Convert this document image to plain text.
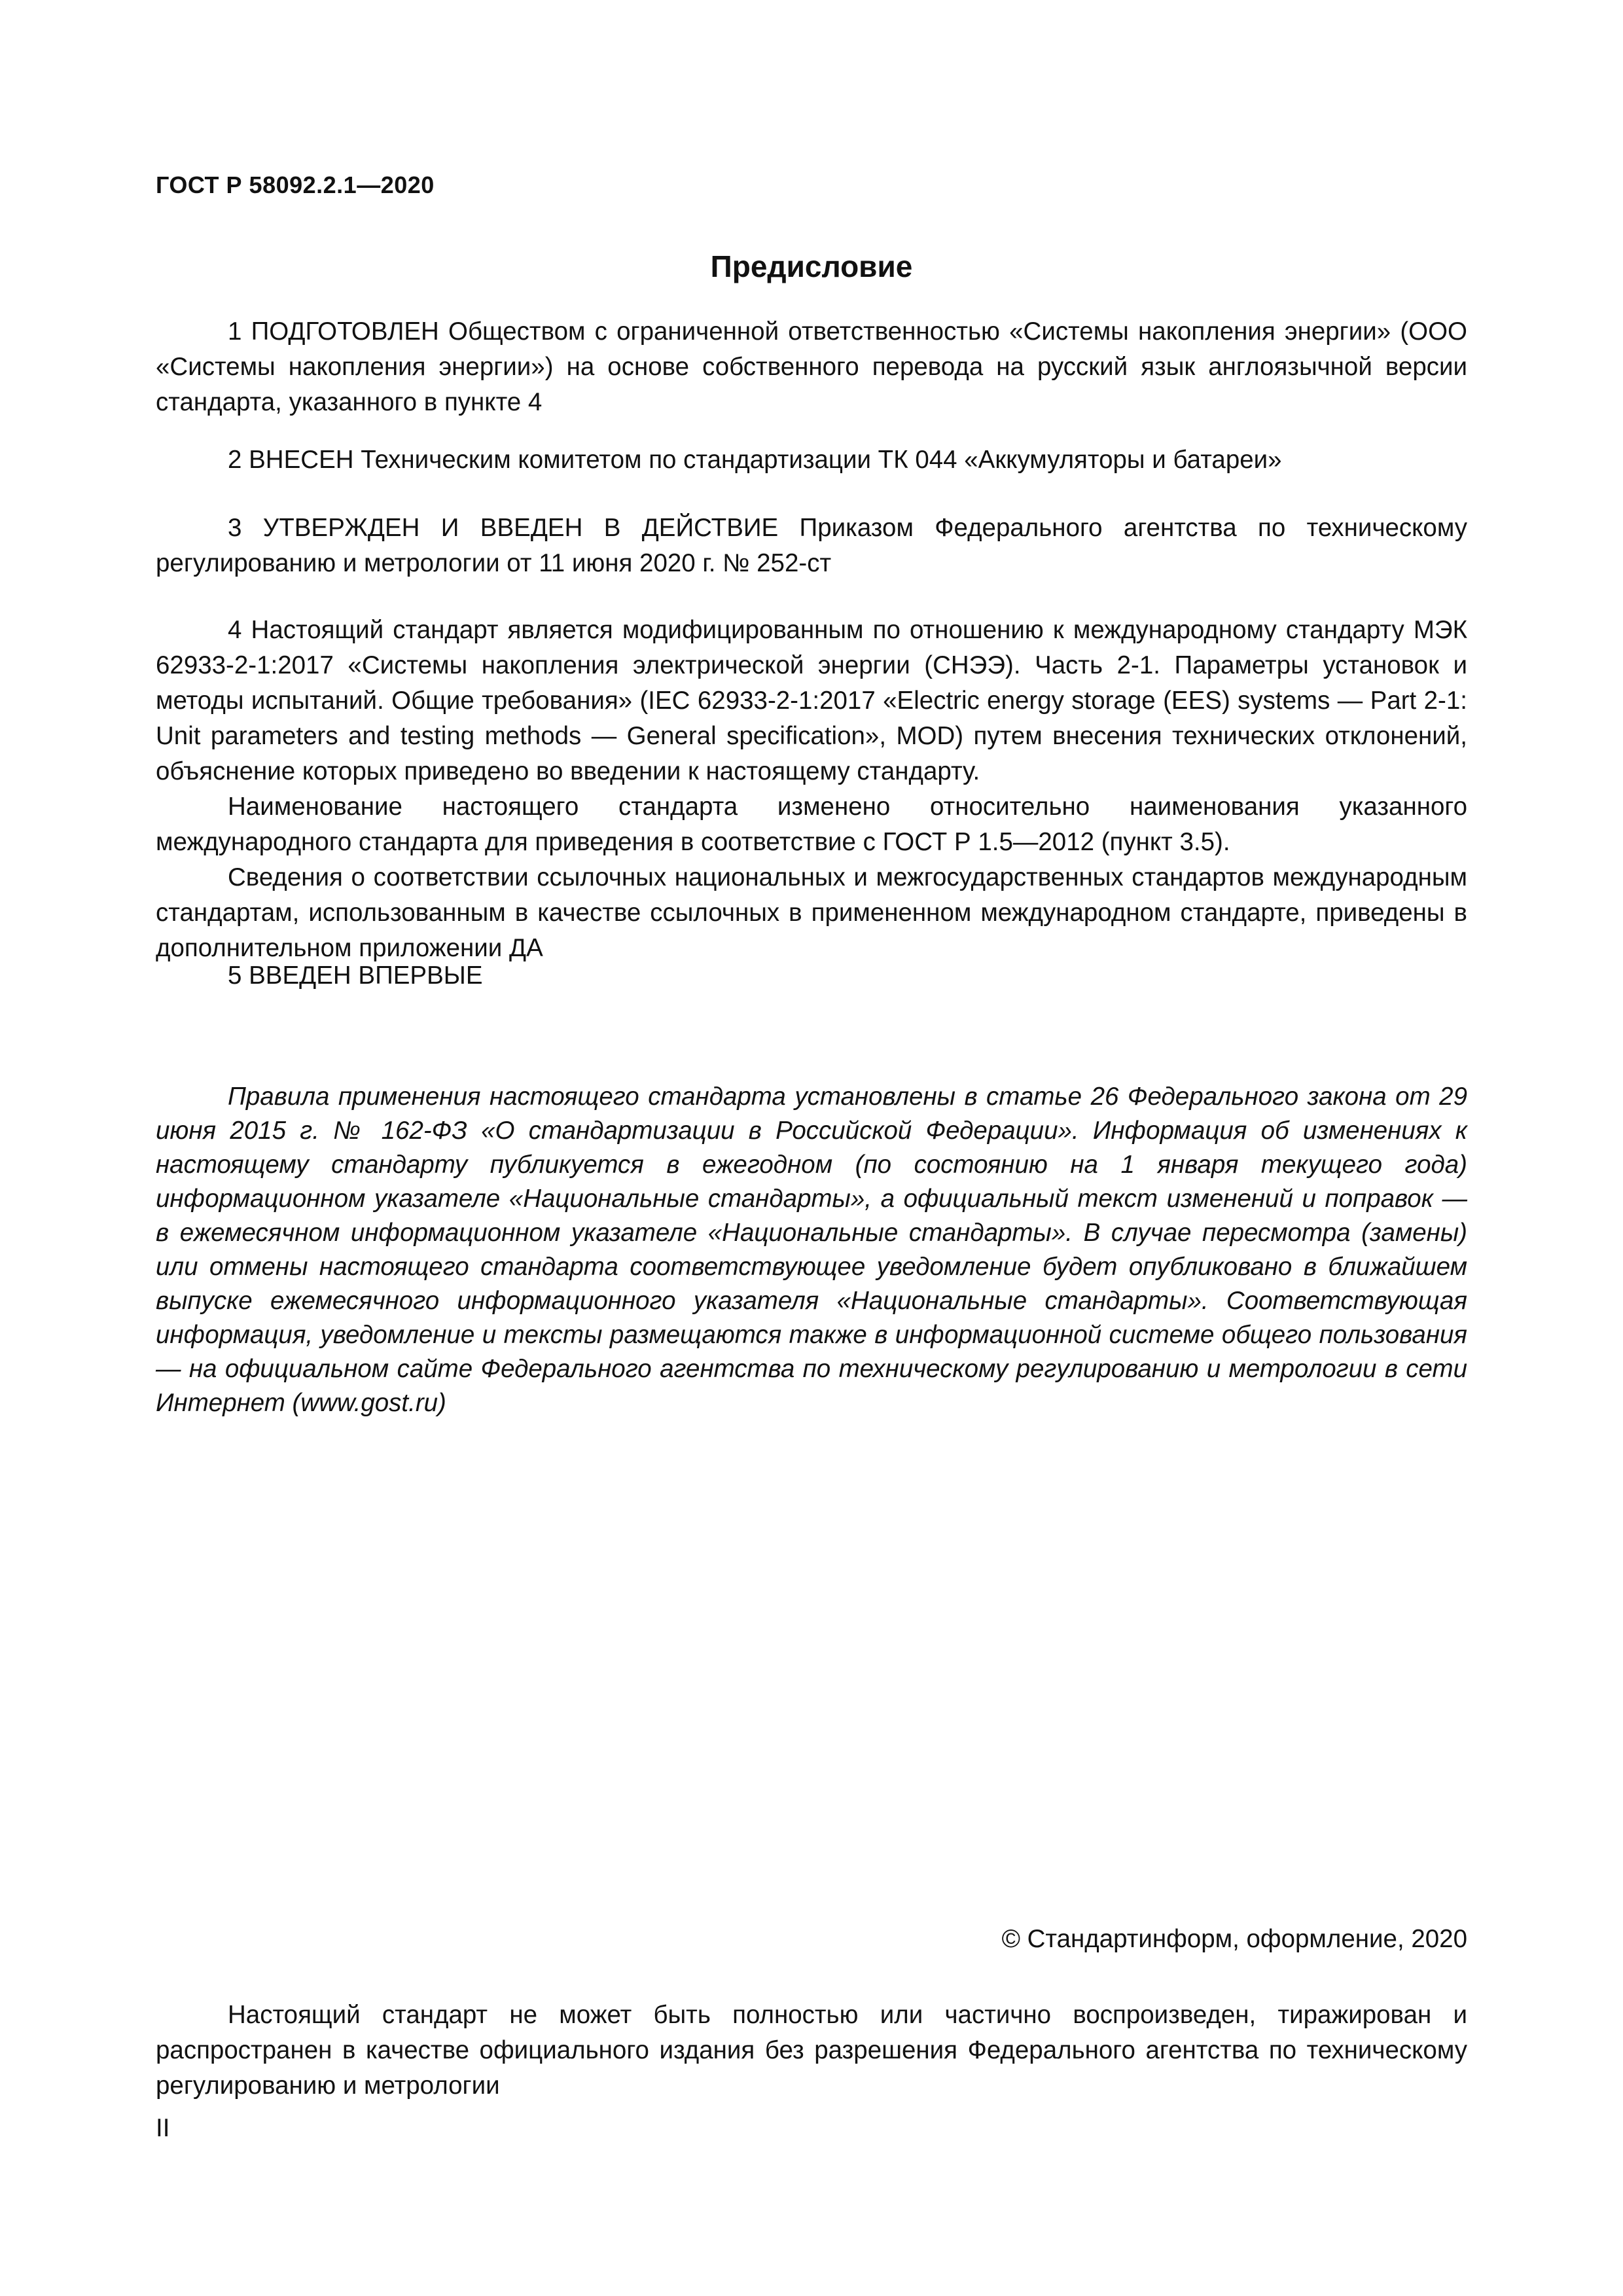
ГОСТ Р 58092.2.1—2020
Предисловие

1 ПОДГОТОВЛЕН Обществом с ограниченной ответственностью «Системы накопления энергии» (ООО «Системы накопления энергии») на основе собственного перевода на русский язык англоязычной версии стандарта, указанного в пункте 4

2 ВНЕСЕН Техническим комитетом по стандартизации ТК 044 «Аккумуляторы и батареи»

3 УТВЕРЖДЕН И ВВЕДЕН В ДЕЙСТВИЕ Приказом Федерального агентства по техническому регулированию и метрологии от 11 июня 2020 г. № 252-ст

4 Настоящий стандарт является модифицированным по отношению к международному стандарту МЭК 62933-2-1:2017 «Системы накопления электрической энергии (СНЭЭ). Часть 2-1. Параметры установок и методы испытаний. Общие требования» (IEC 62933-2-1:2017 «Electric energy storage (EES) systems — Part 2-1: Unit parameters and testing methods — General specification», MOD) путем внесения технических отклонений, объяснение которых приведено во введении к настоящему стандарту.

Наименование настоящего стандарта изменено относительно наименования указанного международного стандарта для приведения в соответствие с ГОСТ Р 1.5—2012 (пункт 3.5).

Сведения о соответствии ссылочных национальных и межгосударственных стандартов международным стандартам, использованным в качестве ссылочных в примененном международном стандарте, приведены в дополнительном приложении ДА

5 ВВЕДЕН ВПЕРВЫЕ

Правила применения настоящего стандарта установлены в статье 26 Федерального закона от 29 июня 2015 г. № 162-ФЗ «О стандартизации в Российской Федерации». Информация об изменениях к настоящему стандарту публикуется в ежегодном (по состоянию на 1 января текущего года) информационном указателе «Национальные стандарты», а официальный текст изменений и поправок — в ежемесячном информационном указателе «Национальные стандарты». В случае пересмотра (замены) или отмены настоящего стандарта соответствующее уведомление будет опубликовано в ближайшем выпуске ежемесячного информационного указателя «Национальные стандарты». Соответствующая информация, уведомление и тексты размещаются также в информационной системе общего пользования — на официальном сайте Федерального агентства по техническому регулированию и метрологии в сети Интернет (www.gost.ru)
© Стандартинформ, оформление, 2020
Настоящий стандарт не может быть полностью или частично воспроизведен, тиражирован и распространен в качестве официального издания без разрешения Федерального агентства по техническому регулированию и метрологии
II
